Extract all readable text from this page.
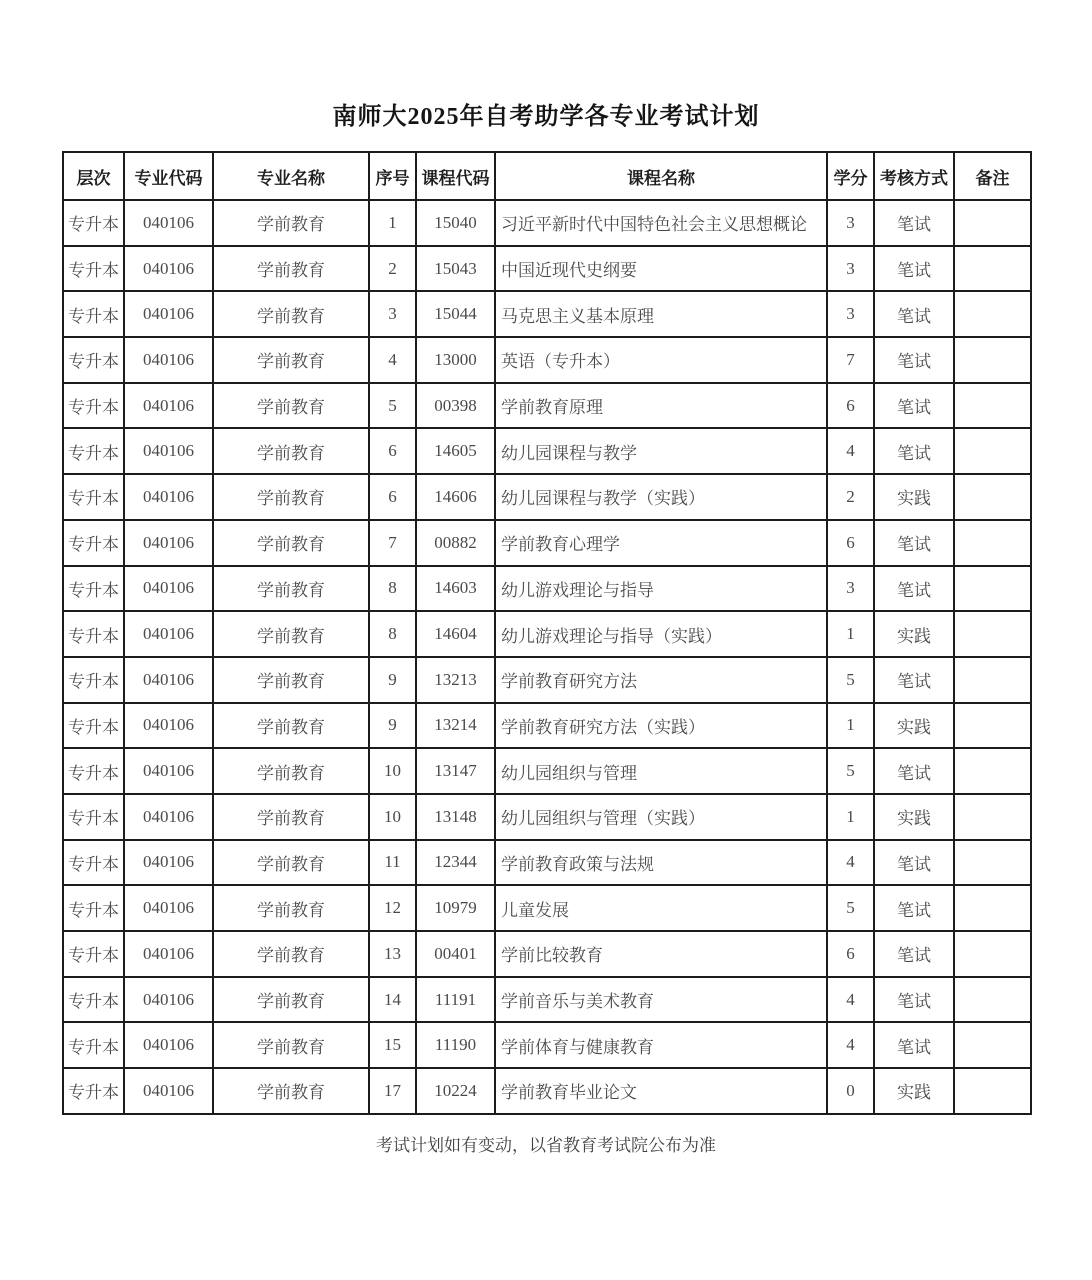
南师大2025年自考助学各专业考试计划
层次	专业代码	专业名称	序号	课程代码	课程名称	学分	考核方式	备注
专升本	040106	学前教育	1	15040	习近平新时代中国特色社会主义思想概论	3	笔试	
专升本	040106	学前教育	2	15043	中国近现代史纲要	3	笔试	
专升本	040106	学前教育	3	15044	马克思主义基本原理	3	笔试	
专升本	040106	学前教育	4	13000	英语（专升本）	7	笔试	
专升本	040106	学前教育	5	00398	学前教育原理	6	笔试	
专升本	040106	学前教育	6	14605	幼儿园课程与教学	4	笔试	
专升本	040106	学前教育	6	14606	幼儿园课程与教学（实践）	2	实践	
专升本	040106	学前教育	7	00882	学前教育心理学	6	笔试	
专升本	040106	学前教育	8	14603	幼儿游戏理论与指导	3	笔试	
专升本	040106	学前教育	8	14604	幼儿游戏理论与指导（实践）	1	实践	
专升本	040106	学前教育	9	13213	学前教育研究方法	5	笔试	
专升本	040106	学前教育	9	13214	学前教育研究方法（实践）	1	实践	
专升本	040106	学前教育	10	13147	幼儿园组织与管理	5	笔试	
专升本	040106	学前教育	10	13148	幼儿园组织与管理（实践）	1	实践	
专升本	040106	学前教育	11	12344	学前教育政策与法规	4	笔试	
专升本	040106	学前教育	12	10979	儿童发展	5	笔试	
专升本	040106	学前教育	13	00401	学前比较教育	6	笔试	
专升本	040106	学前教育	14	11191	学前音乐与美术教育	4	笔试	
专升本	040106	学前教育	15	11190	学前体育与健康教育	4	笔试	
专升本	040106	学前教育	17	10224	学前教育毕业论文	0	实践	

考试计划如有变动，以省教育考试院公布为准
